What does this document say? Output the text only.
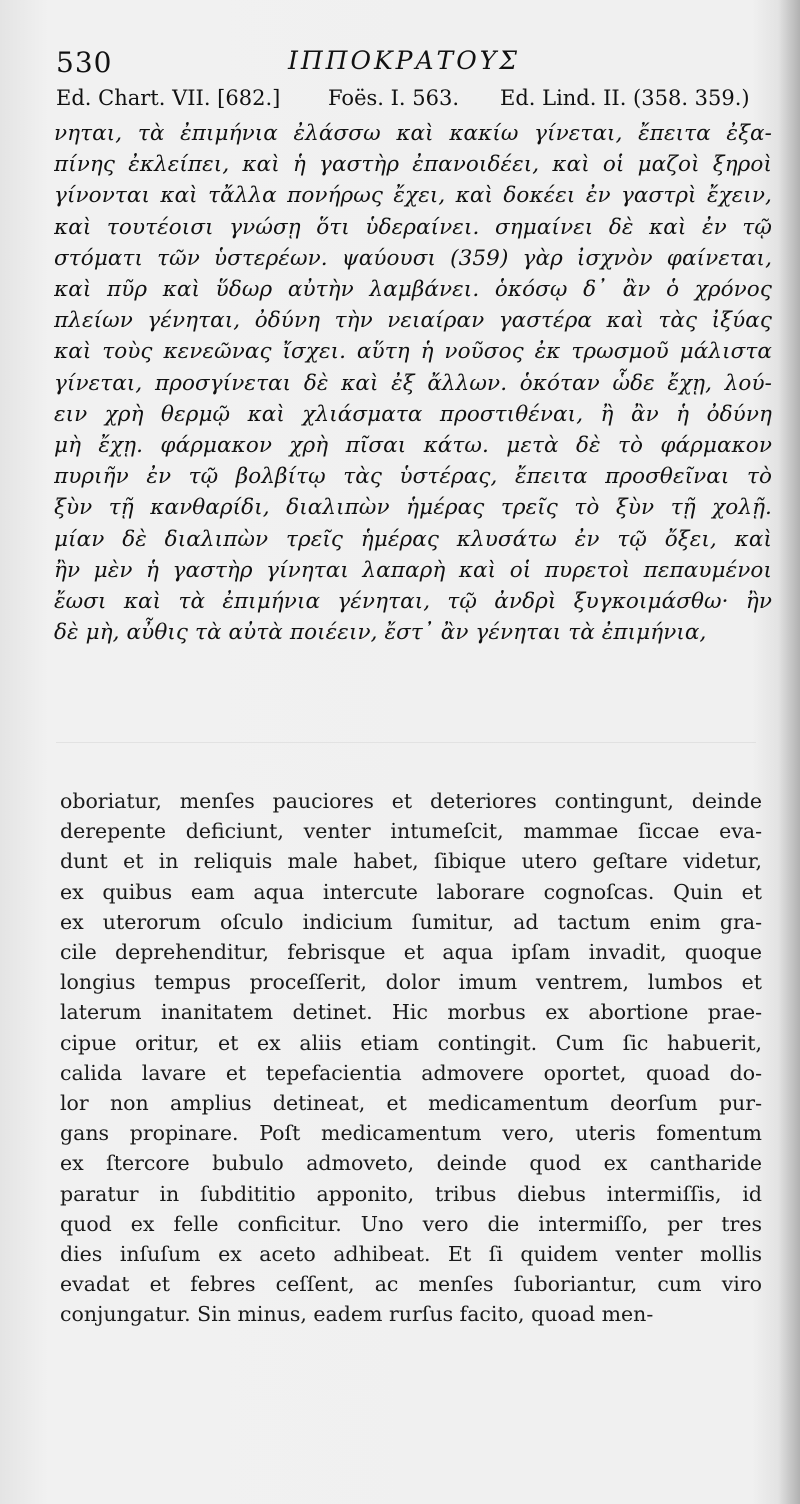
530	ΙΠΠΟΚΡΑΤΟΥΣ
Ed. Chart. VII. [682.] Foës. I. 563. Ed. Lind. II. (358. 359.)
νηται, τὰ ἐπιμήνια ἐλάσσω καὶ κακίω γίνεται, ἔπειτα ἐξα-
πίνης ἐκλείπει, καὶ ἡ γαστὴρ ἐπανοιδέει, καὶ οἱ μαζοὶ ξηροὶ
γίνονται καὶ τἄλλα πονήρως ἔχει, καὶ δοκέει ἐν γαστρὶ ἔχειν,
καὶ τουτέοισι γνώσῃ ὅτι ὑδεραίνει. σημαίνει δὲ καὶ ἐν τῷ
στόματι τῶν ὑστερέων. ψαύουσι (359) γὰρ ἰσχνὸν φαίνεται,
καὶ πῦρ καὶ ὕδωρ αὐτὴν λαμβάνει. ὁκόσῳ δ᾽ ἂν ὁ χρόνος
πλείων γένηται, ὀδύνη τὴν νειαίραν γαστέρα καὶ τὰς ἰξύας
καὶ τοὺς κενεῶνας ἴσχει. αὕτη ἡ νοῦσος ἐκ τρωσμοῦ μάλιστα
γίνεται, προσγίνεται δὲ καὶ ἐξ ἄλλων. ὁκόταν ὧδε ἔχῃ, λού-
ειν χρὴ θερμῷ καὶ χλιάσματα προστιθέναι, ἢ ἂν ἡ ὀδύνη
μὴ ἔχῃ. φάρμακον χρὴ πῖσαι κάτω. μετὰ δὲ τὸ φάρμακον
πυριῆν ἐν τῷ βολβίτῳ τὰς ὑστέρας, ἔπειτα προσθεῖναι τὸ
ξὺν τῇ κανθαρίδι, διαλιπὼν ἡμέρας τρεῖς τὸ ξὺν τῇ χολῇ.
μίαν δὲ διαλιπὼν τρεῖς ἡμέρας κλυσάτω ἐν τῷ ὄξει, καὶ
ἢν μὲν ἡ γαστὴρ γίνηται λαπαρὴ καὶ οἱ πυρετοὶ πεπαυμένοι
ἔωσι καὶ τὰ ἐπιμήνια γένηται, τῷ ἀνδρὶ ξυγκοιμάσθω· ἢν
δὲ μὴ, αὖθις τὰ αὐτὰ ποιέειν, ἔστ᾽ ἂν γένηται τὰ ἐπιμήνια,
oboriatur, menſes pauciores et deteriores contingunt, deinde
derepente deficiunt, venter intumeſcit, mammae ſiccae eva-
dunt et in reliquis male habet, ſibique utero geſtare videtur,
ex quibus eam aqua intercute laborare cognoſcas. Quin et
ex uterorum oſculo indicium ſumitur, ad tactum enim gra-
cile deprehenditur, febrisque et aqua ipſam invadit, quoque
longius tempus proceſſerit, dolor imum ventrem, lumbos et
laterum inanitatem detinet. Hic morbus ex abortione prae-
cipue oritur, et ex aliis etiam contingit. Cum ſic habuerit,
calida lavare et tepefacientia admovere oportet, quoad do-
lor non amplius detineat, et medicamentum deorſum pur-
gans propinare. Poſt medicamentum vero, uteris fomentum
ex ſtercore bubulo admoveto, deinde quod ex cantharide
paratur in ſubdititio apponito, tribus diebus intermiſſis, id
quod ex felle conficitur. Uno vero die intermiſſo, per tres
dies inſuſum ex aceto adhibeat. Et ſi quidem venter mollis
evadat et febres ceſſent, ac menſes ſuboriantur, cum viro
conjungatur. Sin minus, eadem rurſus facito, quoad men-
